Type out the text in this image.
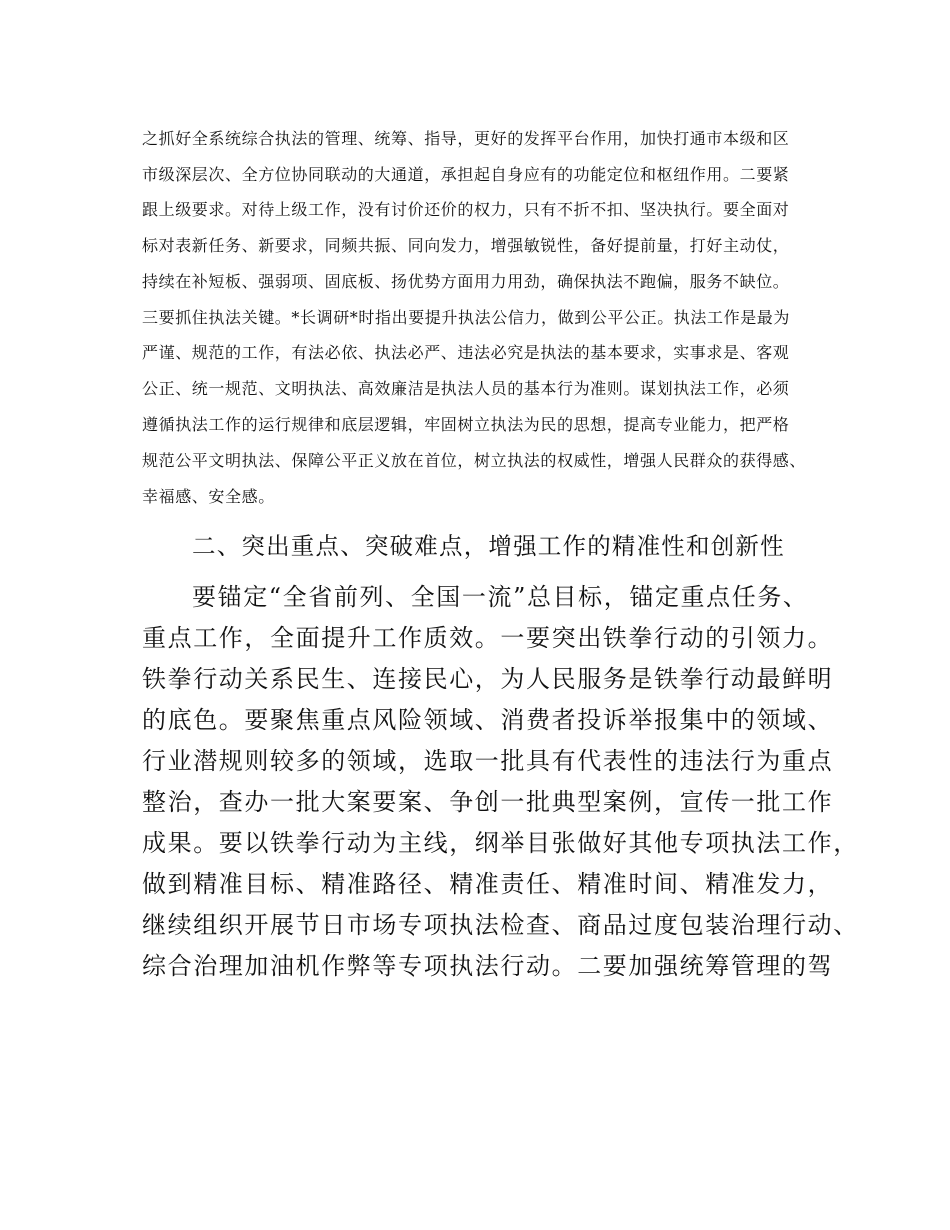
之抓好全系统综合执法的管理、统筹、指导，更好的发挥平台作用，加快打通市本级和区

市级深层次、全方位协同联动的大通道，承担起自身应有的功能定位和枢纽作用。二要紧

跟上级要求。对待上级工作，没有讨价还价的权力，只有不折不扣、坚决执行。要全面对

标对表新任务、新要求，同频共振、同向发力，增强敏锐性，备好提前量，打好主动仗，

持续在补短板、强弱项、固底板、扬优势方面用力用劲，确保执法不跑偏，服务不缺位。

三要抓住执法关键。*长调研*时指出要提升执法公信力，做到公平公正。执法工作是最为

严谨、规范的工作，有法必依、执法必严、违法必究是执法的基本要求，实事求是、客观

公正、统一规范、文明执法、高效廉洁是执法人员的基本行为准则。谋划执法工作，必须

遵循执法工作的运行规律和底层逻辑，牢固树立执法为民的思想，提高专业能力，把严格

规范公平文明执法、保障公平正义放在首位，树立执法的权威性，增强人民群众的获得感、

幸福感、安全感。

二、突出重点、突破难点，增强工作的精准性和创新性

要锚定“全省前列、全国一流”总目标，锚定重点任务、

重点工作，全面提升工作质效。一要突出铁拳行动的引领力。

铁拳行动关系民生、连接民心，为人民服务是铁拳行动最鲜明

的底色。要聚焦重点风险领域、消费者投诉举报集中的领域、

行业潜规则较多的领域，选取一批具有代表性的违法行为重点

整治，查办一批大案要案、争创一批典型案例，宣传一批工作

成果。要以铁拳行动为主线，纲举目张做好其他专项执法工作，

做到精准目标、精准路径、精准责任、精准时间、精准发力，

继续组织开展节日市场专项执法检查、商品过度包装治理行动、

综合治理加油机作弊等专项执法行动。二要加强统筹管理的驾
